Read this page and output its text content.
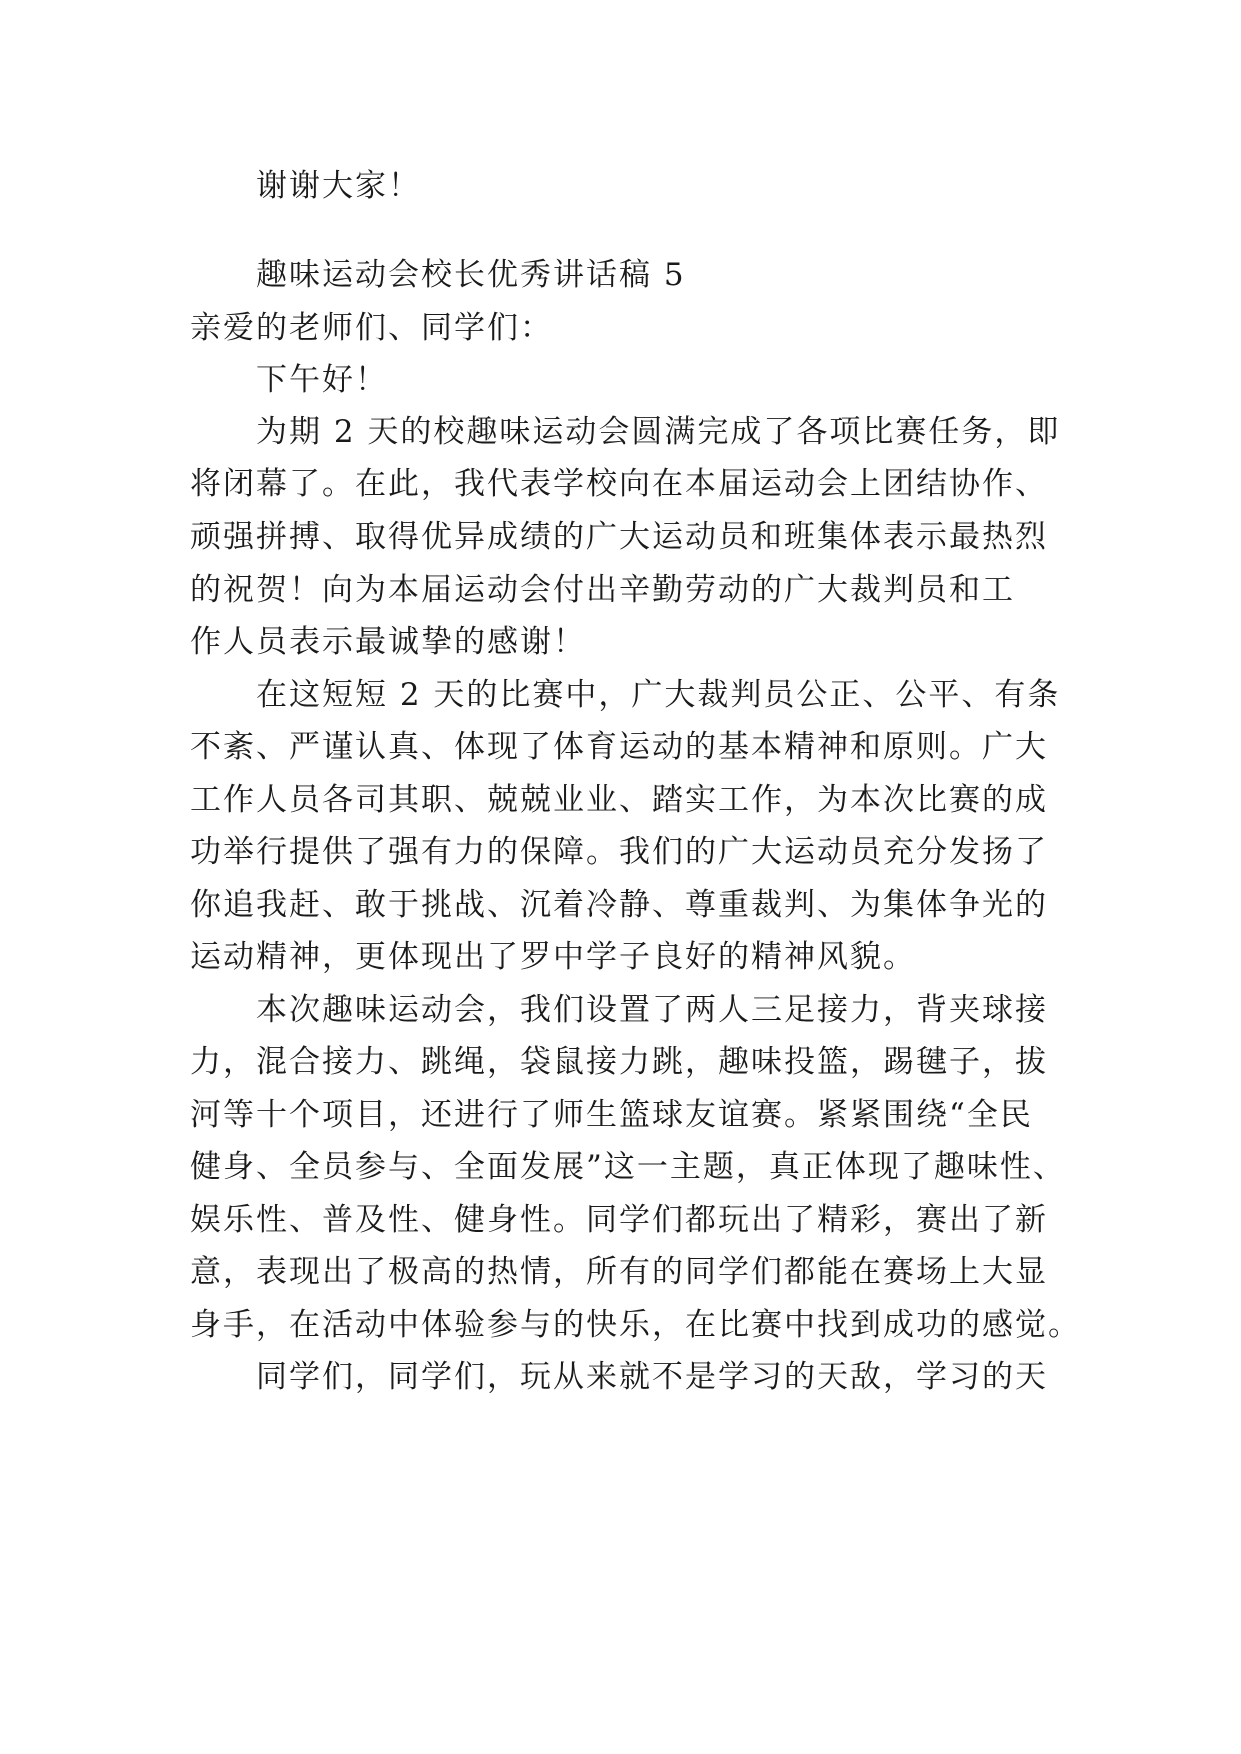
谢谢大家！
趣味运动会校长优秀讲话稿 5
亲爱的老师们、同学们：
下午好！
为期 2 天的校趣味运动会圆满完成了各项比赛任务，即
将闭幕了。在此，我代表学校向在本届运动会上团结协作、
顽强拼搏、取得优异成绩的广大运动员和班集体表示最热烈
的祝贺！向为本届运动会付出辛勤劳动的广大裁判员和工
作人员表示最诚挚的感谢！
在这短短 2 天的比赛中，广大裁判员公正、公平、有条
不紊、严谨认真、体现了体育运动的基本精神和原则。广大
工作人员各司其职、兢兢业业、踏实工作，为本次比赛的成
功举行提供了强有力的保障。我们的广大运动员充分发扬了
你追我赶、敢于挑战、沉着冷静、尊重裁判、为集体争光的
运动精神，更体现出了罗中学子良好的精神风貌。
本次趣味运动会，我们设置了两人三足接力，背夹球接
力，混合接力、跳绳，袋鼠接力跳，趣味投篮，踢毽子，拔
河等十个项目，还进行了师生篮球友谊赛。紧紧围绕“全民
健身、全员参与、全面发展”这一主题，真正体现了趣味性、
娱乐性、普及性、健身性。同学们都玩出了精彩，赛出了新
意，表现出了极高的热情，所有的同学们都能在赛场上大显
身手，在活动中体验参与的快乐，在比赛中找到成功的感觉。
同学们，同学们，玩从来就不是学习的天敌，学习的天
